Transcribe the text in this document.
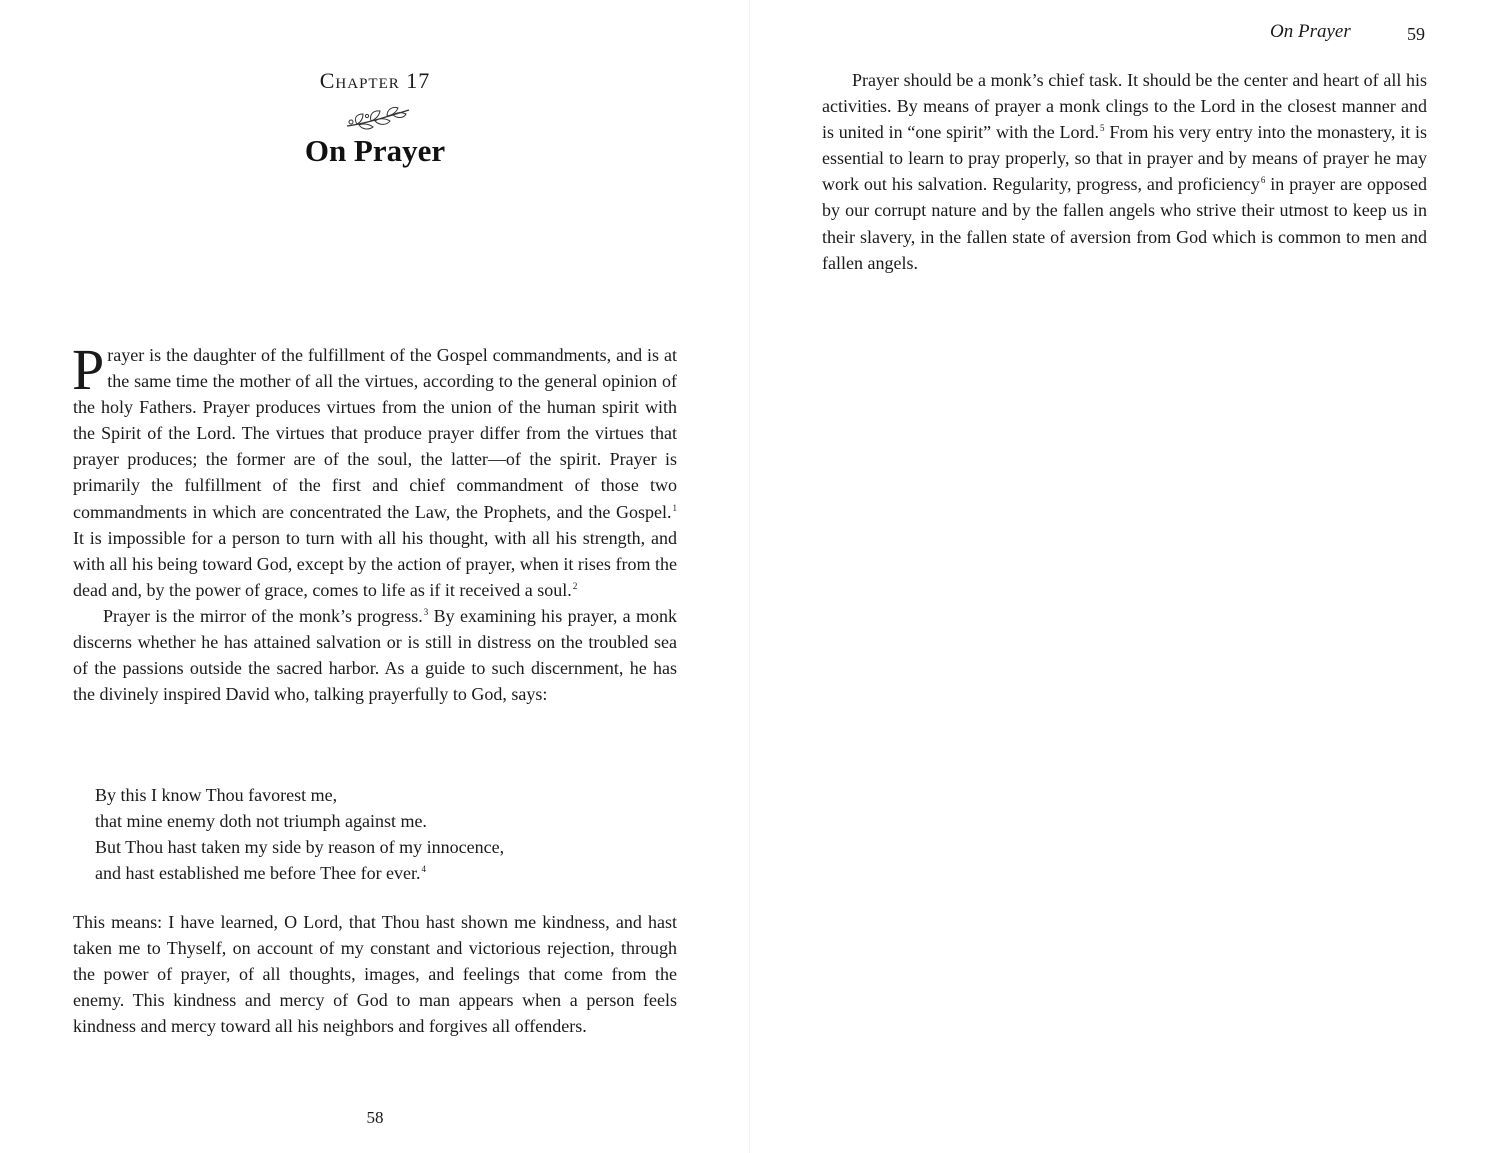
Chapter 17
On Prayer

Prayer is the daughter of the fulfillment of the Gospel commandments, and is at the same time the mother of all the virtues, according to the general opinion of the holy Fathers. Prayer produces virtues from the union of the human spirit with the Spirit of the Lord. The virtues that produce prayer differ from the virtues that prayer produces; the former are of the soul, the latter—of the spirit. Prayer is primarily the fulfillment of the first and chief commandment of those two commandments in which are concentrated the Law, the Prophets, and the Gospel.$^1$ It is impossible for a person to turn with all his thought, with all his strength, and with all his being toward God, except by the action of prayer, when it rises from the dead and, by the power of grace, comes to life as if it received a soul.$^2$

Prayer is the mirror of the monk’s progress.$^3$ By examining his prayer, a monk discerns whether he has attained salvation or is still in distress on the troubled sea of the passions outside the sacred harbor. As a guide to such discernment, he has the divinely inspired David who, talking prayerfully to God, says:

By this I know Thou favorest me,
that mine enemy doth not triumph against me.
But Thou hast taken my side by reason of my innocence,
and hast established me before Thee for ever.$^4$

This means: I have learned, O Lord, that Thou hast shown me kindness, and hast taken me to Thyself, on account of my constant and victorious rejection, through the power of prayer, of all thoughts, images, and feelings that come from the enemy. This kindness and mercy of God to man appears when a person feels kindness and mercy toward all his neighbors and forgives all offenders.

58
On Prayer	59

Prayer should be a monk’s chief task. It should be the center and heart of all his activities. By means of prayer a monk clings to the Lord in the closest manner and is united in “one spirit” with the Lord.$^5$ From his very entry into the monastery, it is essential to learn to pray properly, so that in prayer and by means of prayer he may work out his salvation. Regularity, progress, and proficiency$^6$ in prayer are opposed by our corrupt nature and by the fallen angels who strive their utmost to keep us in their slavery, in the fallen state of aversion from God which is common to men and fallen angels.
